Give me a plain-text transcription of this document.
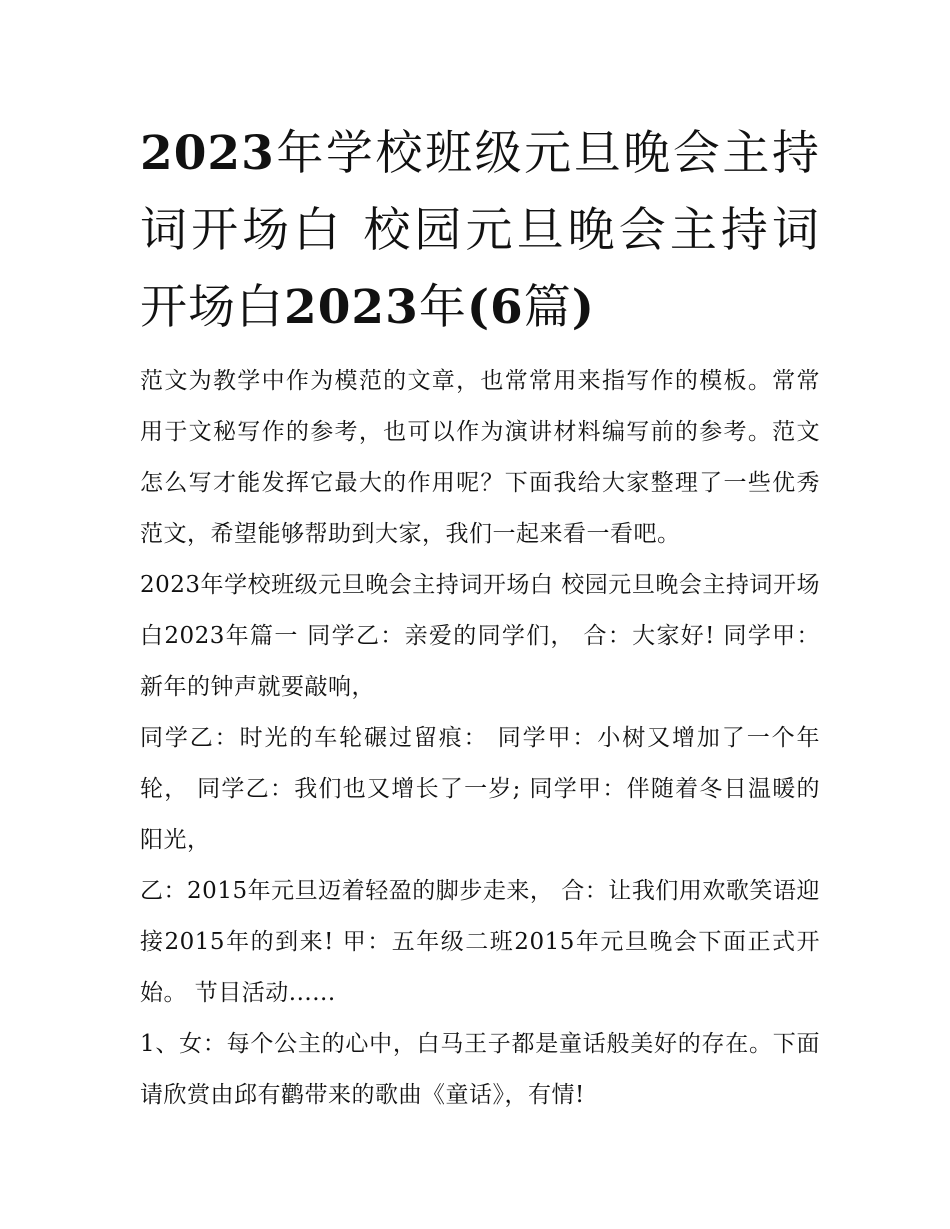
2023年学校班级元旦晚会主持词开场白 校园元旦晚会主持词开场白2023年(6篇)

范文为教学中作为模范的文章，也常常用来指写作的模板。常常用于文秘写作的参考，也可以作为演讲材料编写前的参考。范文怎么写才能发挥它最大的作用呢？下面我给大家整理了一些优秀范文，希望能够帮助到大家，我们一起来看一看吧。

2023年学校班级元旦晚会主持词开场白 校园元旦晚会主持词开场白2023年篇一 同学乙：亲爱的同学们， 合：大家好! 同学甲：新年的钟声就要敲响，

同学乙：时光的车轮碾过留痕： 同学甲：小树又增加了一个年轮， 同学乙：我们也又增长了一岁; 同学甲：伴随着冬日温暖的阳光，

乙：2015年元旦迈着轻盈的脚步走来， 合：让我们用欢歌笑语迎接2015年的到来! 甲：五年级二班2015年元旦晚会下面正式开始。 节目活动......

1、女：每个公主的心中，白马王子都是童话般美好的存在。下面请欣赏由邱有鹳带来的歌曲《童话》，有情!
